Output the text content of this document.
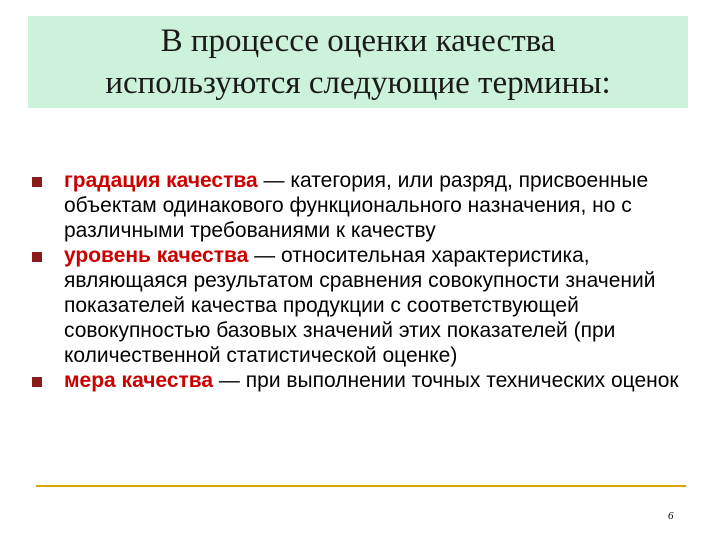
В процессе оценки качества
используются следующие термины:
градация качества — категория, или разряд, присвоенные объектам одинакового функционального назначения, но с различными требованиями к качеству
уровень качества — относительная характеристика, являющаяся результатом сравнения совокупности значений показателей качества продукции с соответствующей совокупностью базовых значений этих показателей (при количественной статистической оценке)
мера качества — при выполнении точных технических оценок
6
